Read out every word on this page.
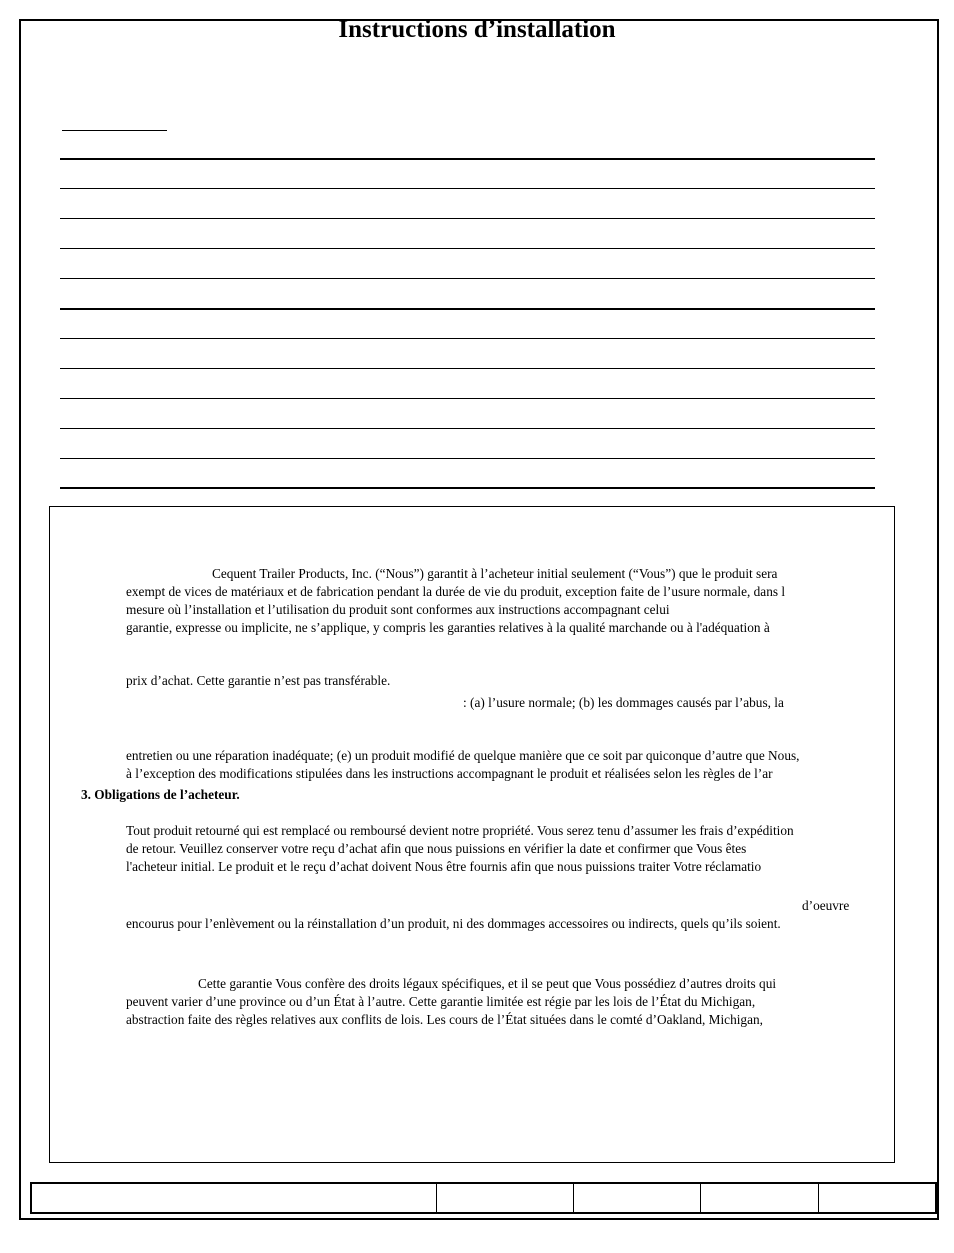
Instructions d’installation
Cequent Trailer Products, Inc. (“Nous”) garantit à l’acheteur initial seulement (“Vous”) que le produit sera
exempt de vices de matériaux et de fabrication pendant la durée de vie du produit, exception faite de l’usure normale, dans l
mesure où l’installation et l’utilisation du produit sont conformes aux instructions accompagnant celui
garantie, expresse ou implicite, ne s’applique, y compris les garanties relatives à la qualité marchande ou à l'adéquation à
prix d’achat. Cette garantie n’est pas transférable.
: (a) l’usure normale; (b) les dommages causés par l’abus, la
entretien ou une réparation inadéquate; (e) un produit modifié de quelque manière que ce soit par quiconque d’autre que Nous,
à l’exception des modifications stipulées dans les instructions accompagnant le produit et réalisées selon les règles de l’ar
3. Obligations de l’acheteur.
Tout produit retourné qui est remplacé ou remboursé devient notre propriété. Vous serez tenu d’assumer les frais d’expédition
de retour. Veuillez conserver votre reçu d’achat afin que nous puissions en vérifier la date et confirmer que Vous êtes
l'acheteur initial. Le produit et le reçu d’achat doivent Nous être fournis afin que nous puissions traiter Votre réclamatio
d’oeuvre
encourus pour l’enlèvement ou la réinstallation d’un produit, ni des dommages accessoires ou indirects, quels qu’ils soient.
Cette garantie Vous confère des droits légaux spécifiques, et il se peut que Vous possédiez d’autres droits qui
peuvent varier d’une province ou d’un État à l’autre. Cette garantie limitée est régie par les lois de l’État du Michigan,
abstraction faite des règles relatives aux conflits de lois. Les cours de l’État situées dans le comté d’Oakland, Michigan,
